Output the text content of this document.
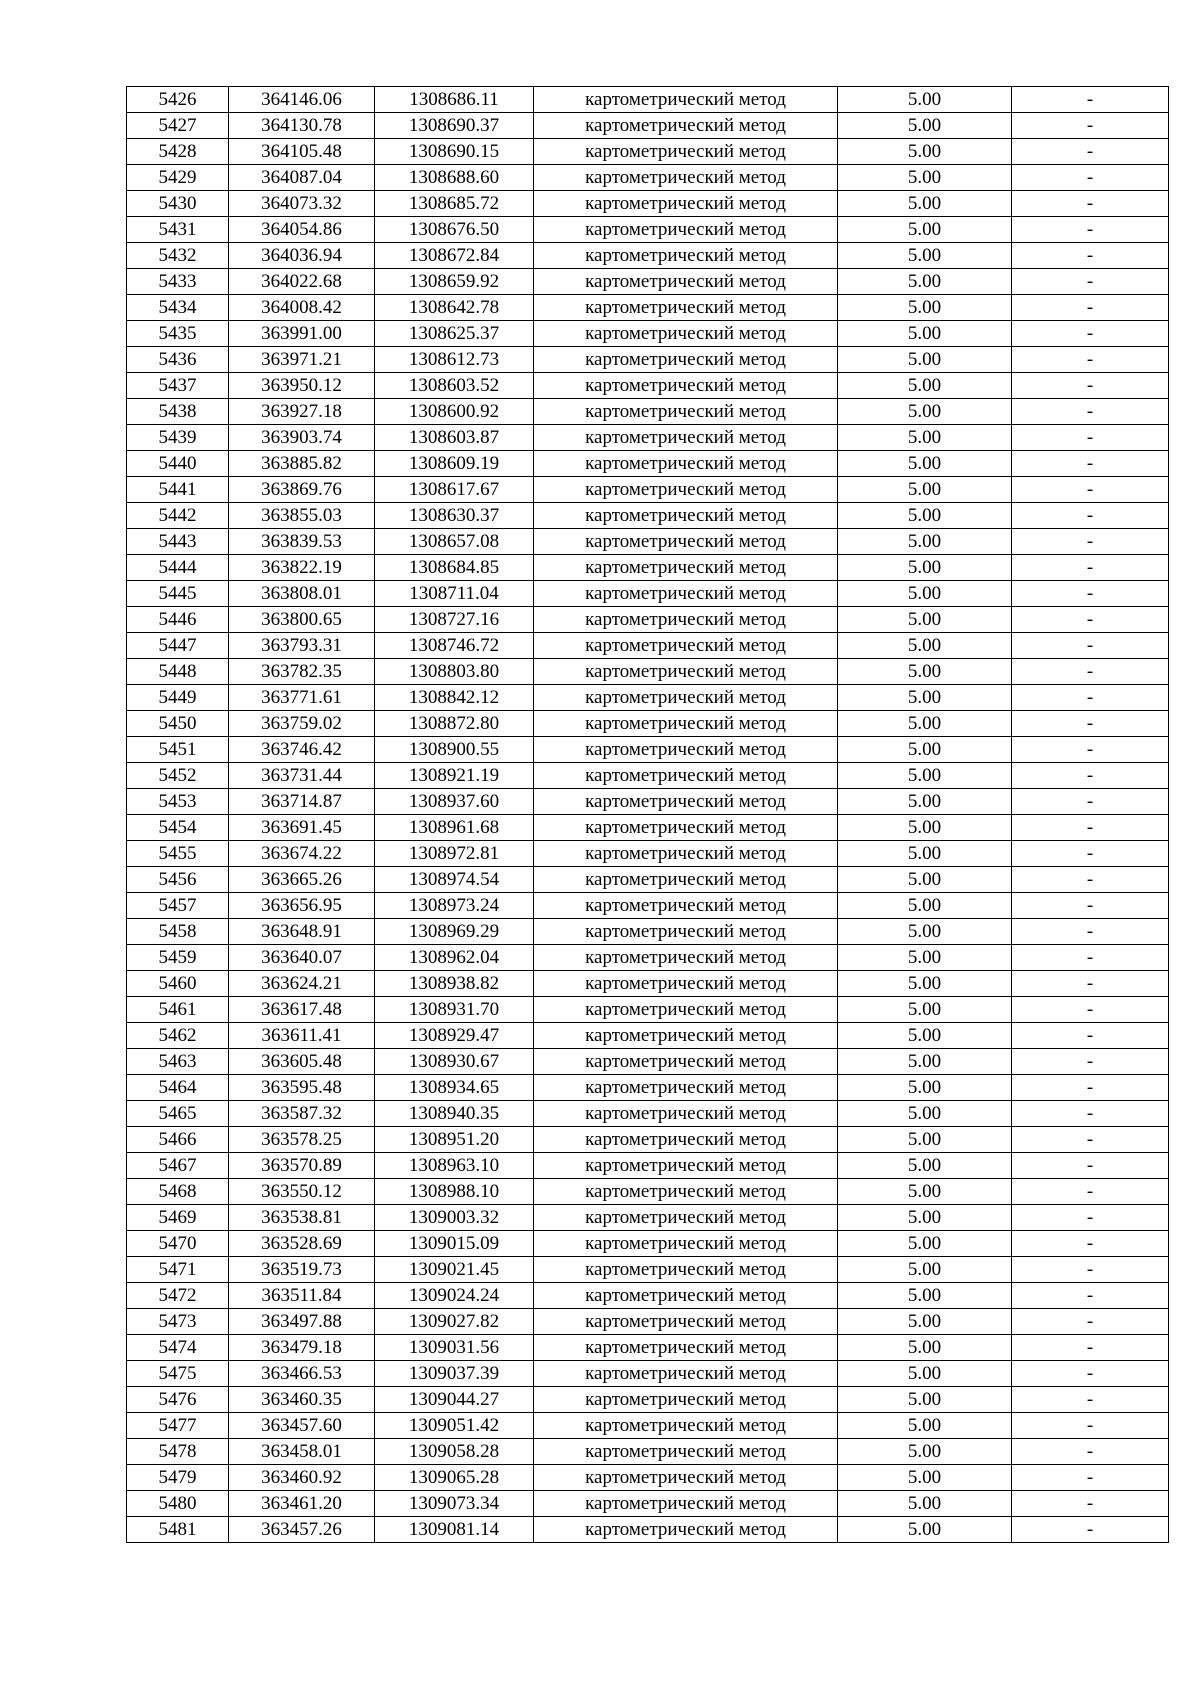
5426	364146.06	1308686.11	картометрический метод	5.00	-
5427	364130.78	1308690.37	картометрический метод	5.00	-
5428	364105.48	1308690.15	картометрический метод	5.00	-
5429	364087.04	1308688.60	картометрический метод	5.00	-
5430	364073.32	1308685.72	картометрический метод	5.00	-
5431	364054.86	1308676.50	картометрический метод	5.00	-
5432	364036.94	1308672.84	картометрический метод	5.00	-
5433	364022.68	1308659.92	картометрический метод	5.00	-
5434	364008.42	1308642.78	картометрический метод	5.00	-
5435	363991.00	1308625.37	картометрический метод	5.00	-
5436	363971.21	1308612.73	картометрический метод	5.00	-
5437	363950.12	1308603.52	картометрический метод	5.00	-
5438	363927.18	1308600.92	картометрический метод	5.00	-
5439	363903.74	1308603.87	картометрический метод	5.00	-
5440	363885.82	1308609.19	картометрический метод	5.00	-
5441	363869.76	1308617.67	картометрический метод	5.00	-
5442	363855.03	1308630.37	картометрический метод	5.00	-
5443	363839.53	1308657.08	картометрический метод	5.00	-
5444	363822.19	1308684.85	картометрический метод	5.00	-
5445	363808.01	1308711.04	картометрический метод	5.00	-
5446	363800.65	1308727.16	картометрический метод	5.00	-
5447	363793.31	1308746.72	картометрический метод	5.00	-
5448	363782.35	1308803.80	картометрический метод	5.00	-
5449	363771.61	1308842.12	картометрический метод	5.00	-
5450	363759.02	1308872.80	картометрический метод	5.00	-
5451	363746.42	1308900.55	картометрический метод	5.00	-
5452	363731.44	1308921.19	картометрический метод	5.00	-
5453	363714.87	1308937.60	картометрический метод	5.00	-
5454	363691.45	1308961.68	картометрический метод	5.00	-
5455	363674.22	1308972.81	картометрический метод	5.00	-
5456	363665.26	1308974.54	картометрический метод	5.00	-
5457	363656.95	1308973.24	картометрический метод	5.00	-
5458	363648.91	1308969.29	картометрический метод	5.00	-
5459	363640.07	1308962.04	картометрический метод	5.00	-
5460	363624.21	1308938.82	картометрический метод	5.00	-
5461	363617.48	1308931.70	картометрический метод	5.00	-
5462	363611.41	1308929.47	картометрический метод	5.00	-
5463	363605.48	1308930.67	картометрический метод	5.00	-
5464	363595.48	1308934.65	картометрический метод	5.00	-
5465	363587.32	1308940.35	картометрический метод	5.00	-
5466	363578.25	1308951.20	картометрический метод	5.00	-
5467	363570.89	1308963.10	картометрический метод	5.00	-
5468	363550.12	1308988.10	картометрический метод	5.00	-
5469	363538.81	1309003.32	картометрический метод	5.00	-
5470	363528.69	1309015.09	картометрический метод	5.00	-
5471	363519.73	1309021.45	картометрический метод	5.00	-
5472	363511.84	1309024.24	картометрический метод	5.00	-
5473	363497.88	1309027.82	картометрический метод	5.00	-
5474	363479.18	1309031.56	картометрический метод	5.00	-
5475	363466.53	1309037.39	картометрический метод	5.00	-
5476	363460.35	1309044.27	картометрический метод	5.00	-
5477	363457.60	1309051.42	картометрический метод	5.00	-
5478	363458.01	1309058.28	картометрический метод	5.00	-
5479	363460.92	1309065.28	картометрический метод	5.00	-
5480	363461.20	1309073.34	картометрический метод	5.00	-
5481	363457.26	1309081.14	картометрический метод	5.00	-
